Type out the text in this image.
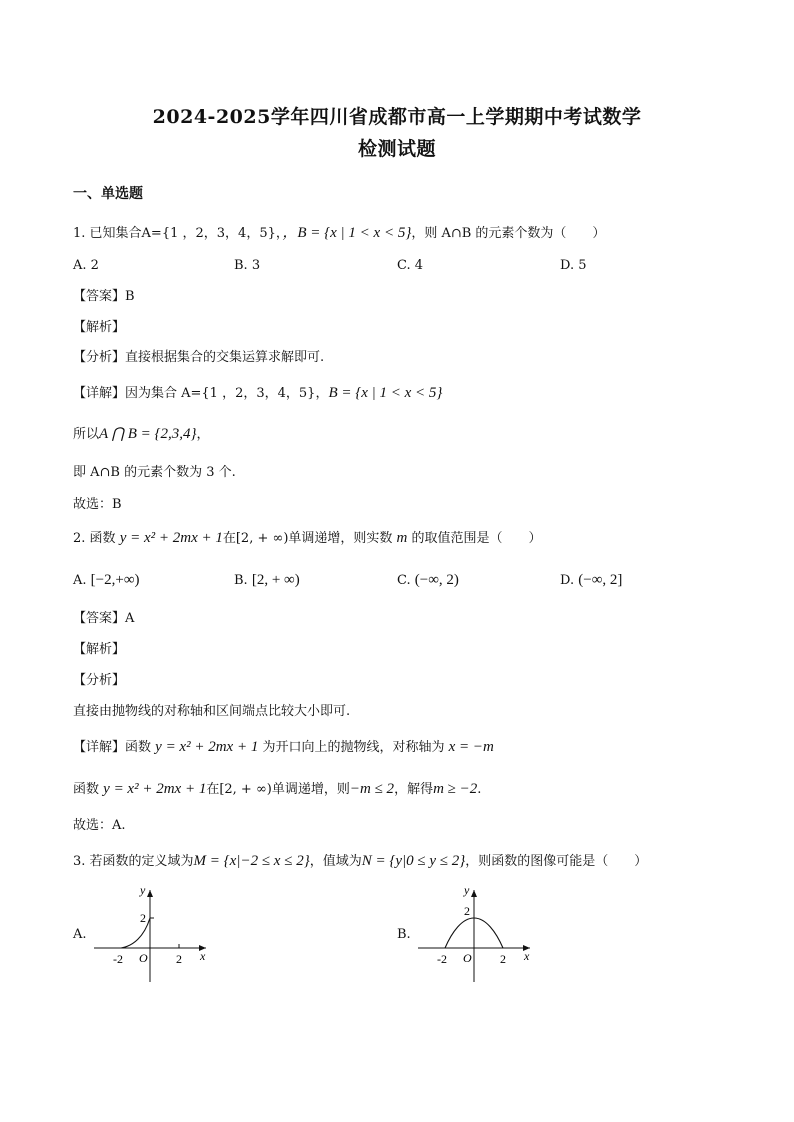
2024-2025学年四川省成都市高一上学期期中考试数学
检测试题
一、单选题
1. 已知集合A={1 ，2，3，4，5}，，B = {x | 1 < x < 5}，则 A∩B 的元素个数为（　　）
A. 2	B. 3	C. 4	D. 5
【答案】B
【解析】
【分析】直接根据集合的交集运算求解即可.
【详解】因为集合 A={1 ，2，3，4，5}，B = {x | 1 < x < 5}
所以A ⋂ B = {2,3,4}，
即 A∩B 的元素个数为 3 个.
故选：B
2. 函数 y = x² + 2mx + 1在[2, + ∞)单调递增，则实数 m 的取值范围是（　　）
A. [−2,+∞)	B. [2, + ∞)	C. (−∞, 2)	D. (−∞, 2]
【答案】A
【解析】
【分析】
直接由抛物线的对称轴和区间端点比较大小即可.
【详解】函数 y = x² + 2mx + 1 为开口向上的抛物线，对称轴为 x = −m
函数 y = x² + 2mx + 1在[2, + ∞)单调递增，则−m ≤ 2，解得m ≥ −2.
故选：A.
3. 若函数的定义域为M = {x|−2 ≤ x ≤ 2}，值域为N = {y|0 ≤ y ≤ 2}，则函数的图像可能是（　　）
A.
y
x
O
-2	2
2
B.
y
x
O
-2	2
2
